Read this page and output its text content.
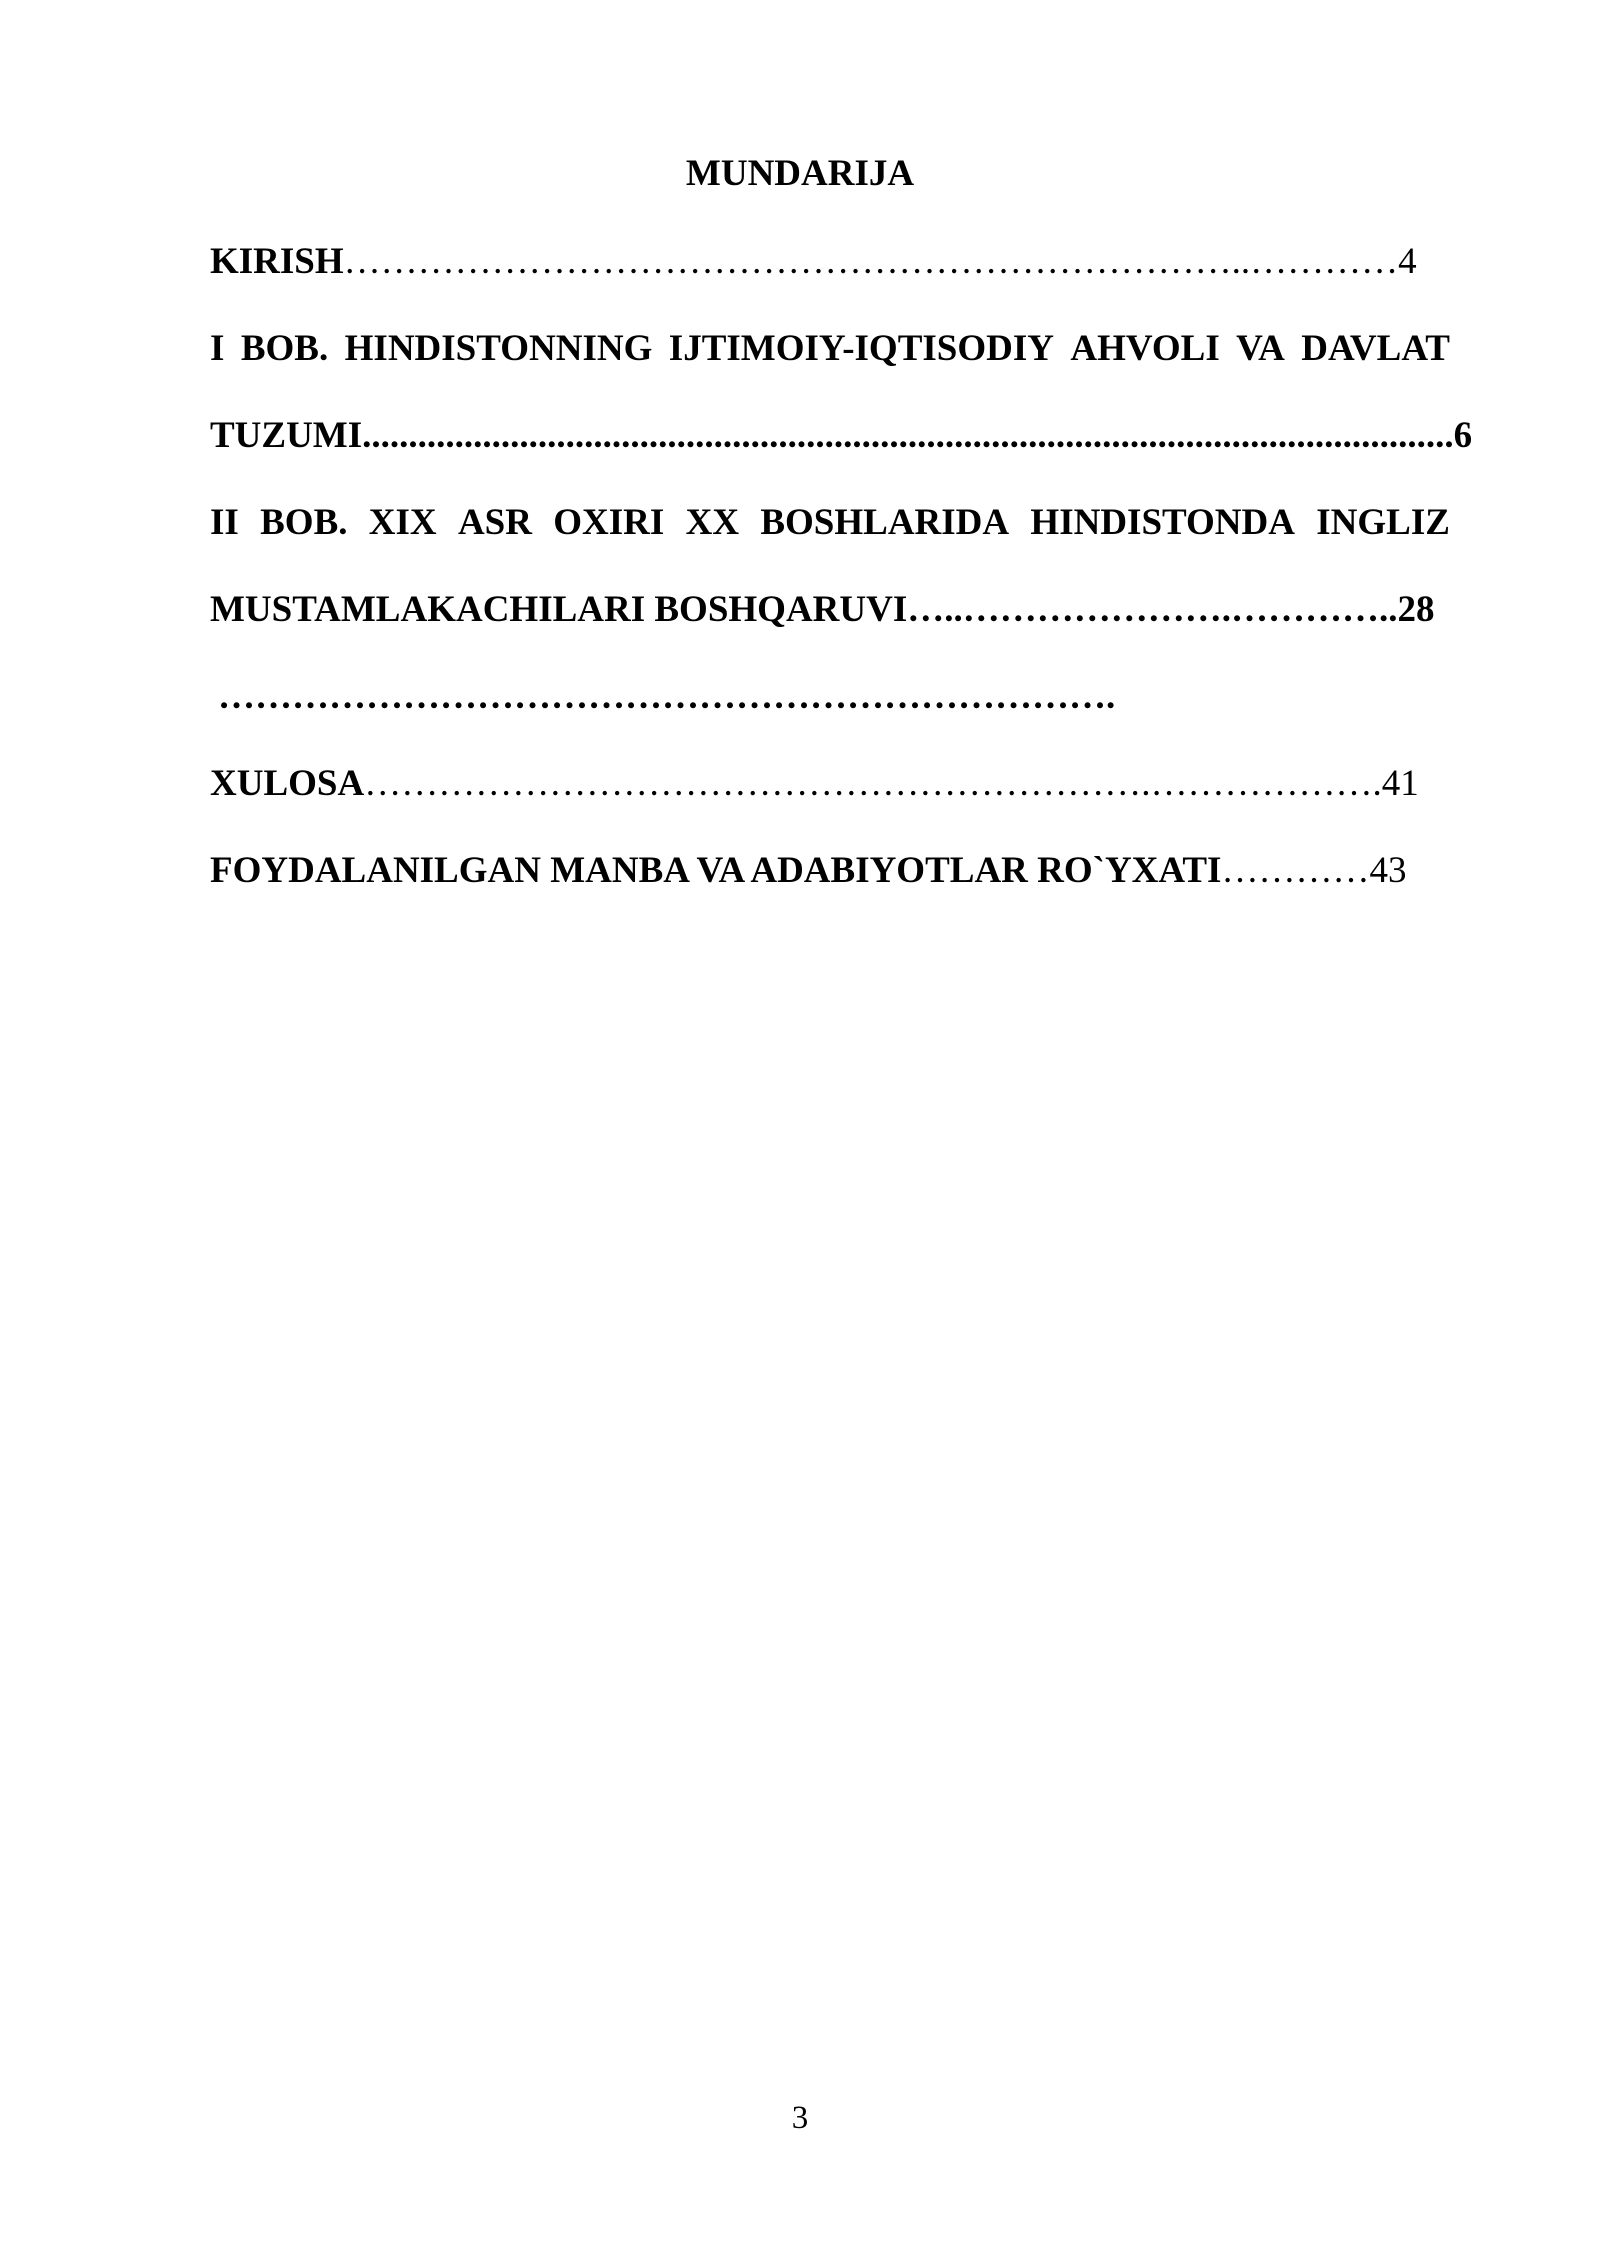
MUNDARIJA
KIRISH………………………………………………………………..…………4
I BOB. HINDISTONNING IJTIMOIY-IQTISODIY AHVOLI VA DAVLAT
TUZUMI......................................................................................................................6
II BOB. XIX ASR OXIRI XX BOSHLARIDA HINDISTONDA INGLIZ
MUSTAMLAKACHILARI BOSHQARUVI…..………………….…………..28
……………………………………………………………….
XULOSA……………………………………………………….……………….41
FOYDALANILGAN MANBA VA ADABIYOTLAR RO`YXATI…………43
3
